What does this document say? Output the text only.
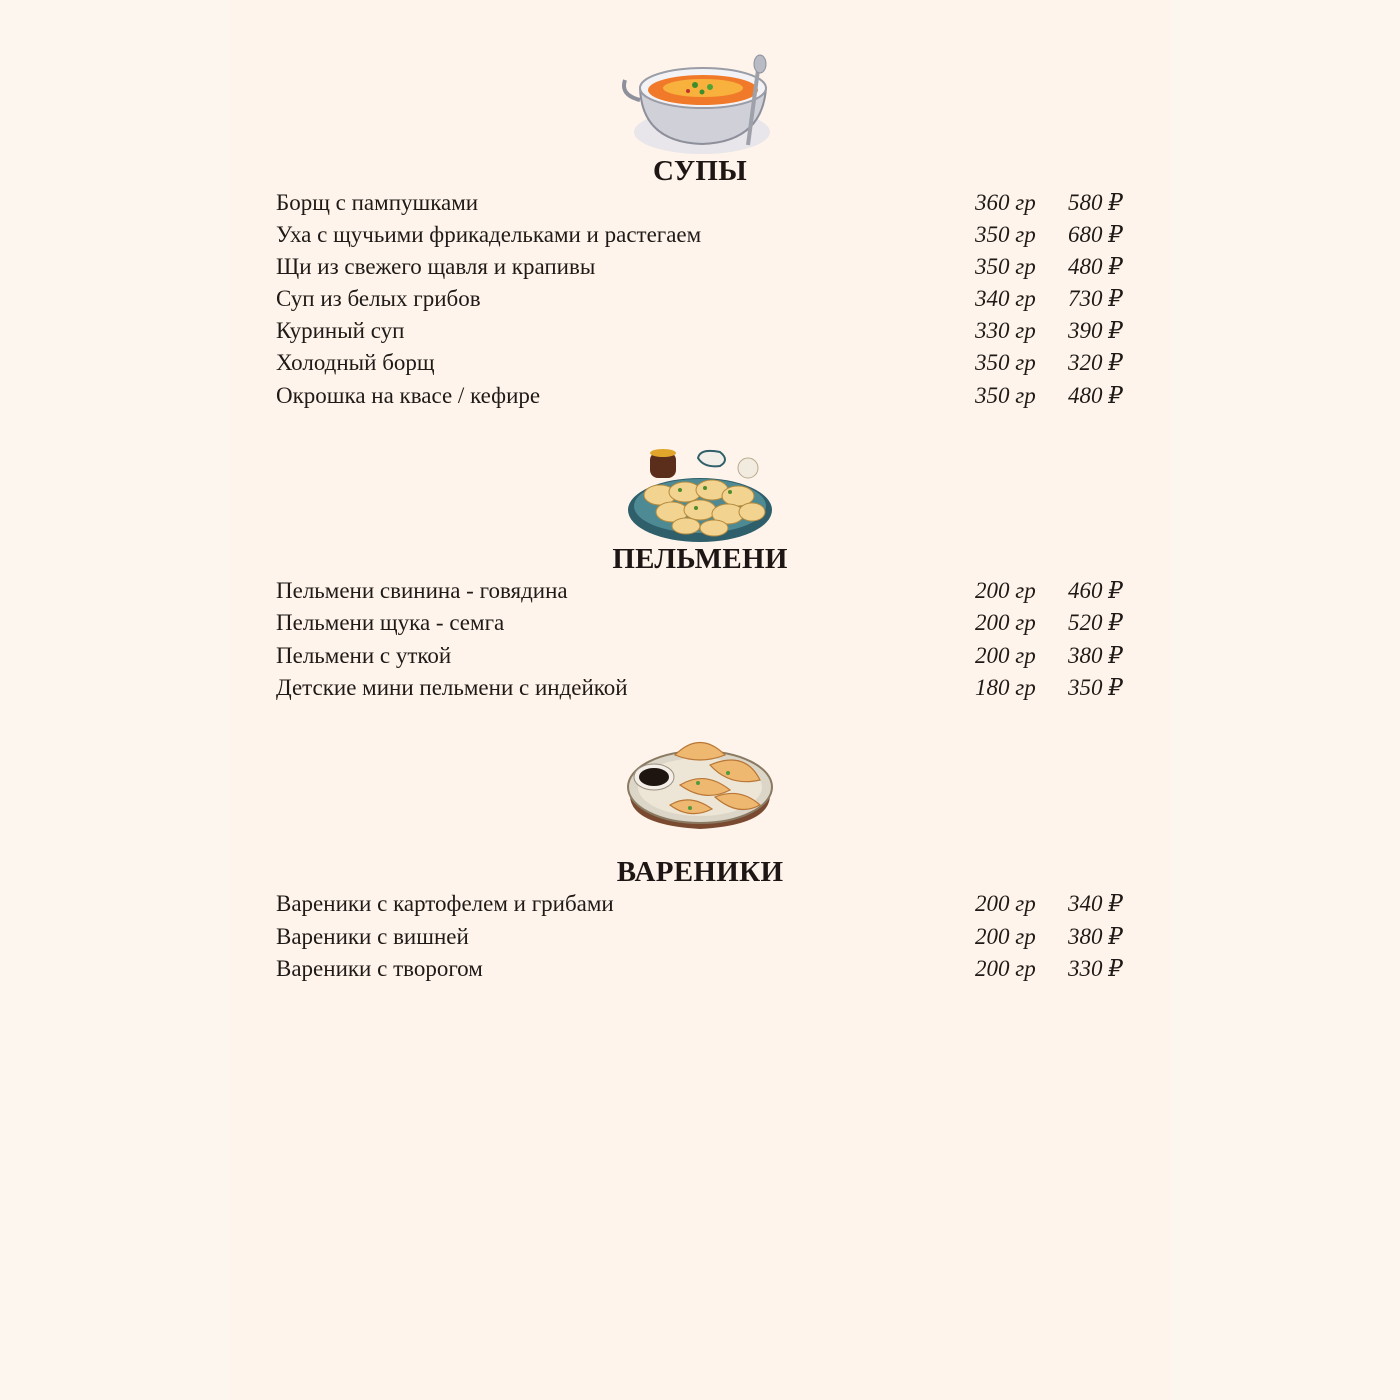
СУПЫ
Борщ с пампушками	360 гр 580 ₽
Уха с щучьими фрикадельками и растегаем	350 гр 680 ₽
Щи из свежего щавля и крапивы	350 гр 480 ₽
Суп из белых грибов	340 гр 730 ₽
Куриный суп	330 гр 390 ₽
Холодный борщ	350 гр 320 ₽
Окрошка на квасе / кефире	350 гр 480 ₽
ПЕЛЬМЕНИ
Пельмени свинина - говядина	200 гр 460 ₽
Пельмени щука - семга	200 гр 520 ₽
Пельмени с уткой	200 гр 380 ₽
Детские мини пельмени с индейкой	180 гр 350 ₽
ВАРЕНИКИ
Вареники с картофелем и грибами	200 гр 340 ₽
Вареники с вишней	200 гр 380 ₽
Вареники с творогом	200 гр 330 ₽
